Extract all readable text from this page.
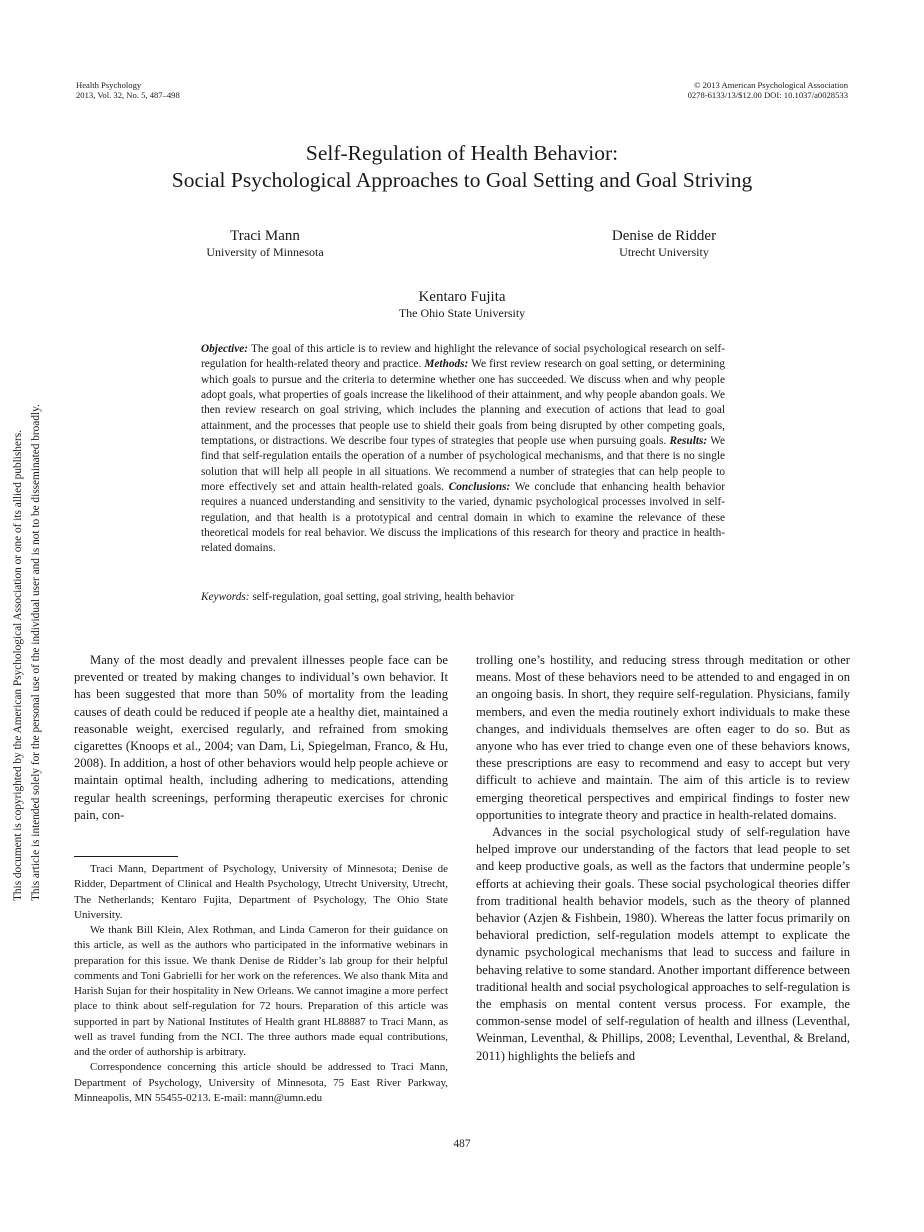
Health Psychology
2013, Vol. 32, No. 5, 487–498
© 2013 American Psychological Association
0278-6133/13/$12.00 DOI: 10.1037/a0028533
Self-Regulation of Health Behavior:
Social Psychological Approaches to Goal Setting and Goal Striving
Traci Mann
University of Minnesota
Denise de Ridder
Utrecht University
Kentaro Fujita
The Ohio State University
This document is copyrighted by the American Psychological Association or one of its allied publishers. This article is intended solely for the personal use of the individual user and is not to be disseminated broadly.
Objective: The goal of this article is to review and highlight the relevance of social psychological research on self-regulation for health-related theory and practice. Methods: We first review research on goal setting, or determining which goals to pursue and the criteria to determine whether one has succeeded. We discuss when and why people adopt goals, what properties of goals increase the likelihood of their attainment, and why people abandon goals. We then review research on goal striving, which includes the planning and execution of actions that lead to goal attainment, and the processes that people use to shield their goals from being disrupted by other competing goals, temptations, or distractions. We describe four types of strategies that people use when pursuing goals. Results: We find that self-regulation entails the operation of a number of psychological mechanisms, and that there is no single solution that will help all people in all situations. We recommend a number of strategies that can help people to more effectively set and attain health-related goals. Conclusions: We conclude that enhancing health behavior requires a nuanced understanding and sensitivity to the varied, dynamic psychological processes involved in self-regulation, and that health is a prototypical and central domain in which to examine the relevance of these theoretical models for real behavior. We discuss the implications of this research for theory and practice in health-related domains.
Keywords: self-regulation, goal setting, goal striving, health behavior

Many of the most deadly and prevalent illnesses people face can be prevented or treated by making changes to individual’s own behavior. It has been suggested that more than 50% of mortality from the leading causes of death could be reduced if people ate a healthy diet, maintained a reasonable weight, exercised regularly, and refrained from smoking cigarettes (Knoops et al., 2004; van Dam, Li, Spiegelman, Franco, & Hu, 2008). In addition, a host of other behaviors would help people achieve or maintain optimal health, including adhering to medications, attending regular health screenings, performing therapeutic exercises for chronic pain, con-

trolling one’s hostility, and reducing stress through meditation or other means. Most of these behaviors need to be attended to and engaged in on an ongoing basis. In short, they require self-regulation. Physicians, family members, and even the media routinely exhort individuals to make these changes, and individuals themselves are often eager to do so. But as anyone who has ever tried to change even one of these behaviors knows, these prescriptions are easy to recommend and easy to accept but very difficult to achieve and maintain. The aim of this article is to review emerging theoretical perspectives and empirical findings to foster new opportunities to integrate theory and practice in health-related domains.

Advances in the social psychological study of self-regulation have helped improve our understanding of the factors that lead people to set and keep productive goals, as well as the factors that undermine people’s efforts at achieving their goals. These social psychological theories differ from traditional health behavior models, such as the theory of planned behavior (Azjen & Fishbein, 1980). Whereas the latter focus primarily on behavioral prediction, self-regulation models attempt to explicate the dynamic psychological mechanisms that lead to success and failure in behaving relative to some standard. Another important difference between traditional health and social psychological approaches to self-regulation is the emphasis on mental content versus process. For example, the common-sense model of self-regulation of health and illness (Leventhal, Weinman, Leventhal, & Phillips, 2008; Leventhal, Leventhal, & Breland, 2011) highlights the beliefs and

Traci Mann, Department of Psychology, University of Minnesota; Denise de Ridder, Department of Clinical and Health Psychology, Utrecht University, Utrecht, The Netherlands; Kentaro Fujita, Department of Psychology, The Ohio State University.

We thank Bill Klein, Alex Rothman, and Linda Cameron for their guidance on this article, as well as the authors who participated in the informative webinars in preparation for this issue. We thank Denise de Ridder’s lab group for their helpful comments and Toni Gabrielli for her work on the references. We also thank Mita and Harish Sujan for their hospitality in New Orleans. We cannot imagine a more perfect place to think about self-regulation for 72 hours. Preparation of this article was supported in part by National Institutes of Health grant HL88887 to Traci Mann, as well as travel funding from the NCI. The three authors made equal contributions, and the order of authorship is arbitrary.

Correspondence concerning this article should be addressed to Traci Mann, Department of Psychology, University of Minnesota, 75 East River Parkway, Minneapolis, MN 55455-0213. E-mail: mann@umn.edu

487
